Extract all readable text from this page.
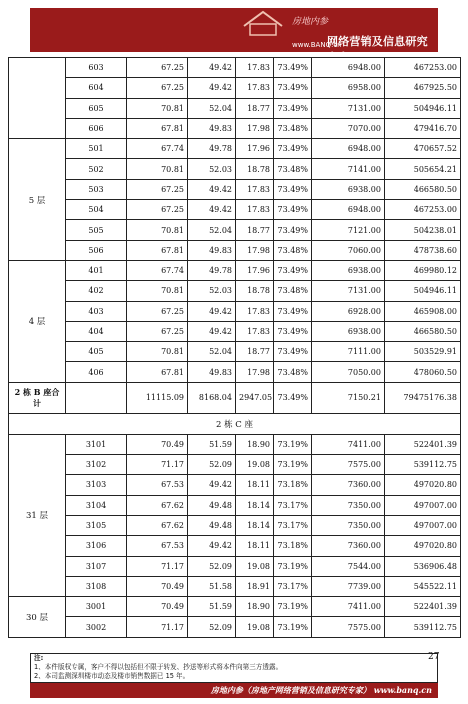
房地内参
www.BANQ.cn
网络营销及信息研究专家
	603	67.25	49.42	17.83	73.49%	6948.00	467253.00
	604	67.25	49.42	17.83	73.49%	6958.00	467925.50
	605	70.81	52.04	18.77	73.49%	7131.00	504946.11
	606	67.81	49.83	17.98	73.48%	7070.00	479416.70
5 层	501	67.74	49.78	17.96	73.49%	6948.00	470657.52
	502	70.81	52.03	18.78	73.48%	7141.00	505654.21
	503	67.25	49.42	17.83	73.49%	6938.00	466580.50
	504	67.25	49.42	17.83	73.49%	6948.00	467253.00
	505	70.81	52.04	18.77	73.49%	7121.00	504238.01
	506	67.81	49.83	17.98	73.48%	7060.00	478738.60
4 层	401	67.74	49.78	17.96	73.49%	6938.00	469980.12
	402	70.81	52.03	18.78	73.48%	7131.00	504946.11
	403	67.25	49.42	17.83	73.49%	6928.00	465908.00
	404	67.25	49.42	17.83	73.49%	6938.00	466580.50
	405	70.81	52.04	18.77	73.49%	7111.00	503529.91
	406	67.81	49.83	17.98	73.48%	7050.00	478060.50
2 栋 B 座合计		11115.09	8168.04	2947.05	73.49%	7150.21	79475176.38
2 栋 C 座							
31 层	3101	70.49	51.59	18.90	73.19%	7411.00	522401.39
	3102	71.17	52.09	19.08	73.19%	7575.00	539112.75
	3103	67.53	49.42	18.11	73.18%	7360.00	497020.80
	3104	67.62	49.48	18.14	73.17%	7350.00	497007.00
	3105	67.62	49.48	18.14	73.17%	7350.00	497007.00
	3106	67.53	49.42	18.11	73.18%	7360.00	497020.80
	3107	71.17	52.09	19.08	73.19%	7544.00	536906.48
	3108	70.49	51.58	18.91	73.17%	7739.00	545522.11
30 层	3001	70.49	51.59	18.90	73.19%	7411.00	522401.39
	3002	71.17	52.09	19.08	73.19%	7575.00	539112.75
注:
1、本件版权专属，客户不得以包括但不限于转发、抄送等形式将本件向第三方透露。
2、本司监测深圳楼市动态及楼市销售数据已 15 年。
27
房地内参（房地产网络营销及信息研究专家） www.banq.cn
